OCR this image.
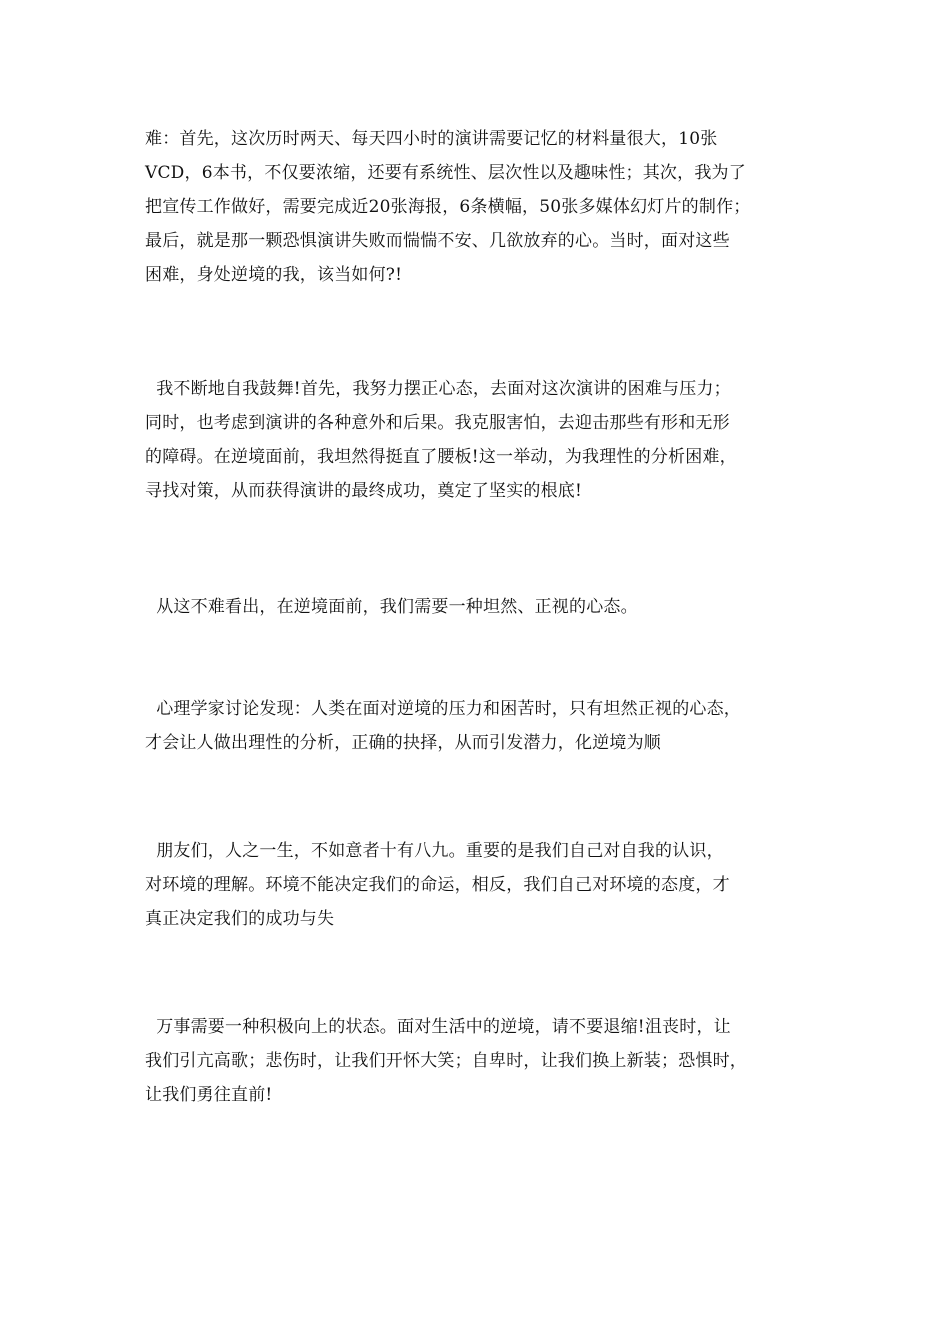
难：首先，这次历时两天、每天四小时的演讲需要记忆的材料量很大，10张
VCD，6本书，不仅要浓缩，还要有系统性、层次性以及趣味性；其次，我为了
把宣传工作做好，需要完成近20张海报，6条横幅，50张多媒体幻灯片的制作；
最后，就是那一颗恐惧演讲失败而惴惴不安、几欲放弃的心。当时，面对这些
困难，身处逆境的我，该当如何?!
我不断地自我鼓舞!首先，我努力摆正心态，去面对这次演讲的困难与压力；
同时，也考虑到演讲的各种意外和后果。我克服害怕，去迎击那些有形和无形
的障碍。在逆境面前，我坦然得挺直了腰板!这一举动，为我理性的分析困难，
寻找对策，从而获得演讲的最终成功，奠定了坚实的根底!
从这不难看出，在逆境面前，我们需要一种坦然、正视的心态。
心理学家讨论发现：人类在面对逆境的压力和困苦时，只有坦然正视的心态，
才会让人做出理性的分析，正确的抉择，从而引发潜力，化逆境为顺
朋友们，人之一生，不如意者十有八九。重要的是我们自己对自我的认识，
对环境的理解。环境不能决定我们的命运，相反，我们自己对环境的态度，才
真正决定我们的成功与失
万事需要一种积极向上的状态。面对生活中的逆境，请不要退缩!沮丧时，让
我们引亢高歌；悲伤时，让我们开怀大笑；自卑时，让我们换上新装；恐惧时，
让我们勇往直前!
